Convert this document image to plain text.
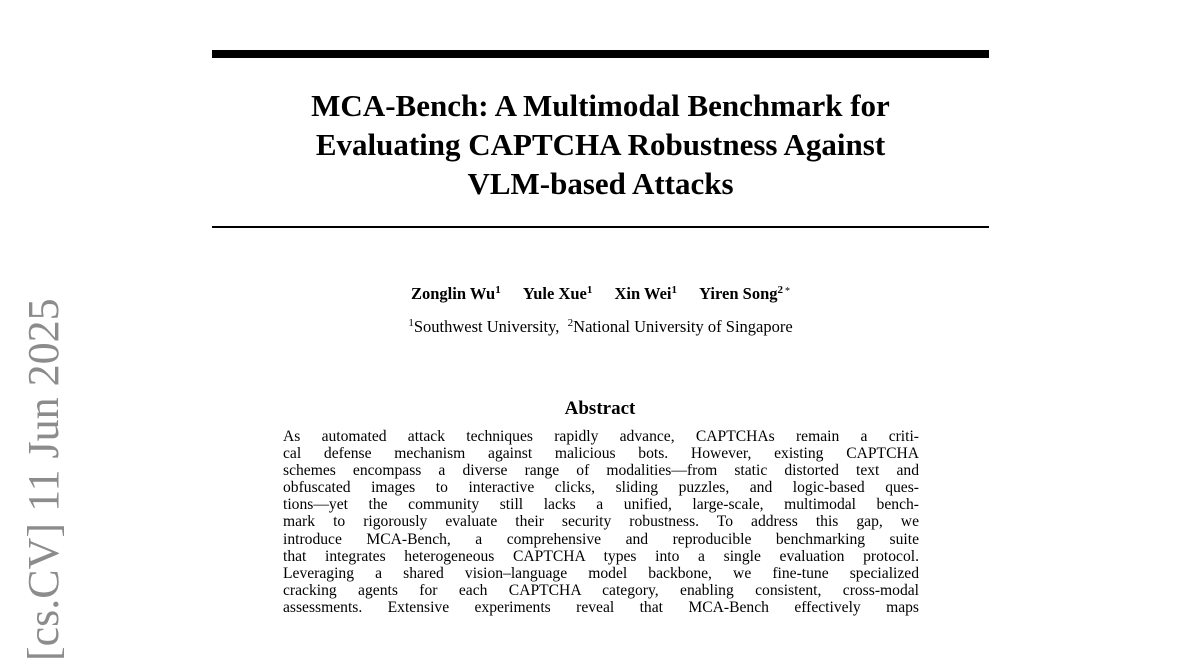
[cs.CV] 11 Jun 2025
MCA-Bench: A Multimodal Benchmark for
Evaluating CAPTCHA Robustness Against
VLM-based Attacks
Zonglin Wu$^1$ Yule Xue$^1$ Xin Wei$^1$ Yiren Song$^2$ *
$^1$Southwest University, $^2$National University of Singapore
Abstract
As automated attack techniques rapidly advance, CAPTCHAs remain a criti-
cal defense mechanism against malicious bots. However, existing CAPTCHA
schemes encompass a diverse range of modalities—from static distorted text and
obfuscated images to interactive clicks, sliding puzzles, and logic-based ques-
tions—yet the community still lacks a unified, large-scale, multimodal bench-
mark to rigorously evaluate their security robustness. To address this gap, we
introduce MCA-Bench, a comprehensive and reproducible benchmarking suite
that integrates heterogeneous CAPTCHA types into a single evaluation protocol.
Leveraging a shared vision–language model backbone, we fine-tune specialized
cracking agents for each CAPTCHA category, enabling consistent, cross-modal
assessments. Extensive experiments reveal that MCA-Bench effectively maps
